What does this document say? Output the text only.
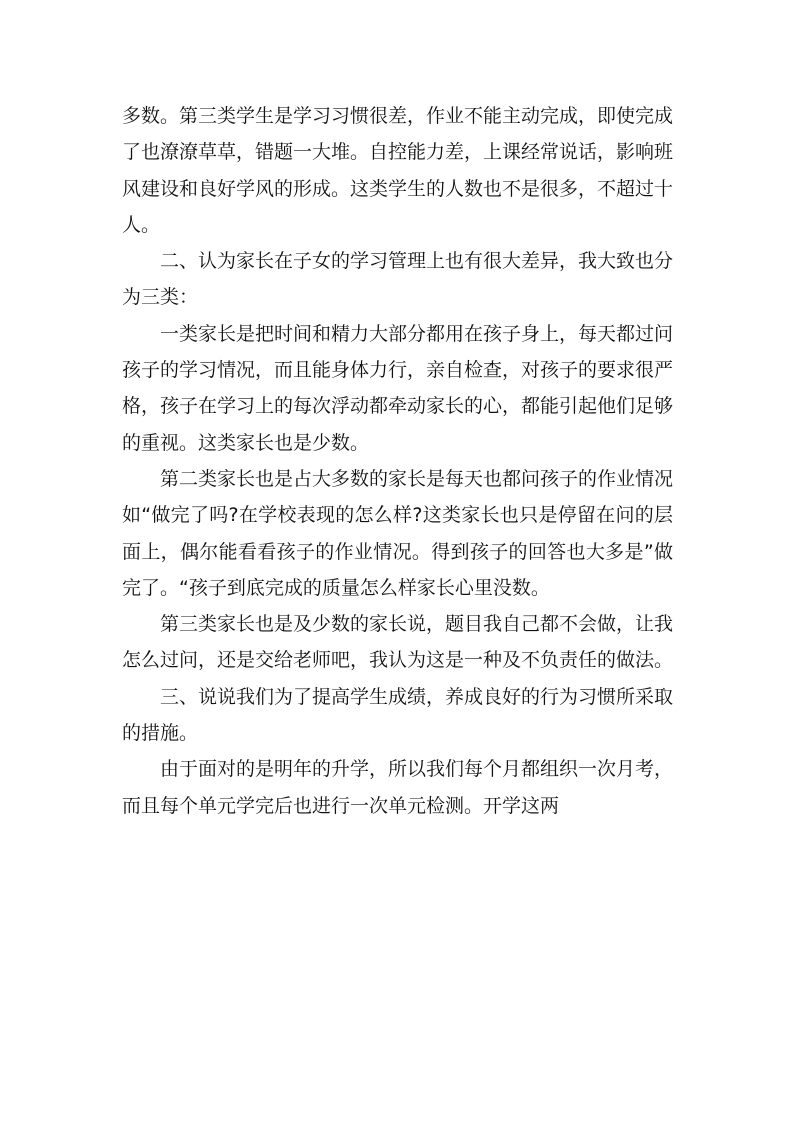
多数。第三类学生是学习习惯很差，作业不能主动完成，即使完成了也潦潦草草，错题一大堆。自控能力差，上课经常说话，影响班风建设和良好学风的形成。这类学生的人数也不是很多，不超过十人。

二、认为家长在子女的学习管理上也有很大差异，我大致也分为三类：

一类家长是把时间和精力大部分都用在孩子身上，每天都过问孩子的学习情况，而且能身体力行，亲自检查，对孩子的要求很严格，孩子在学习上的每次浮动都牵动家长的心，都能引起他们足够的重视。这类家长也是少数。

第二类家长也是占大多数的家长是每天也都问孩子的作业情况如“做完了吗?在学校表现的怎么样?这类家长也只是停留在问的层面上，偶尔能看看孩子的作业情况。得到孩子的回答也大多是”做完了。“孩子到底完成的质量怎么样家长心里没数。

第三类家长也是及少数的家长说，题目我自己都不会做，让我怎么过问，还是交给老师吧，我认为这是一种及不负责任的做法。

三、说说我们为了提高学生成绩，养成良好的行为习惯所采取的措施。

由于面对的是明年的升学，所以我们每个月都组织一次月考，而且每个单元学完后也进行一次单元检测。开学这两
